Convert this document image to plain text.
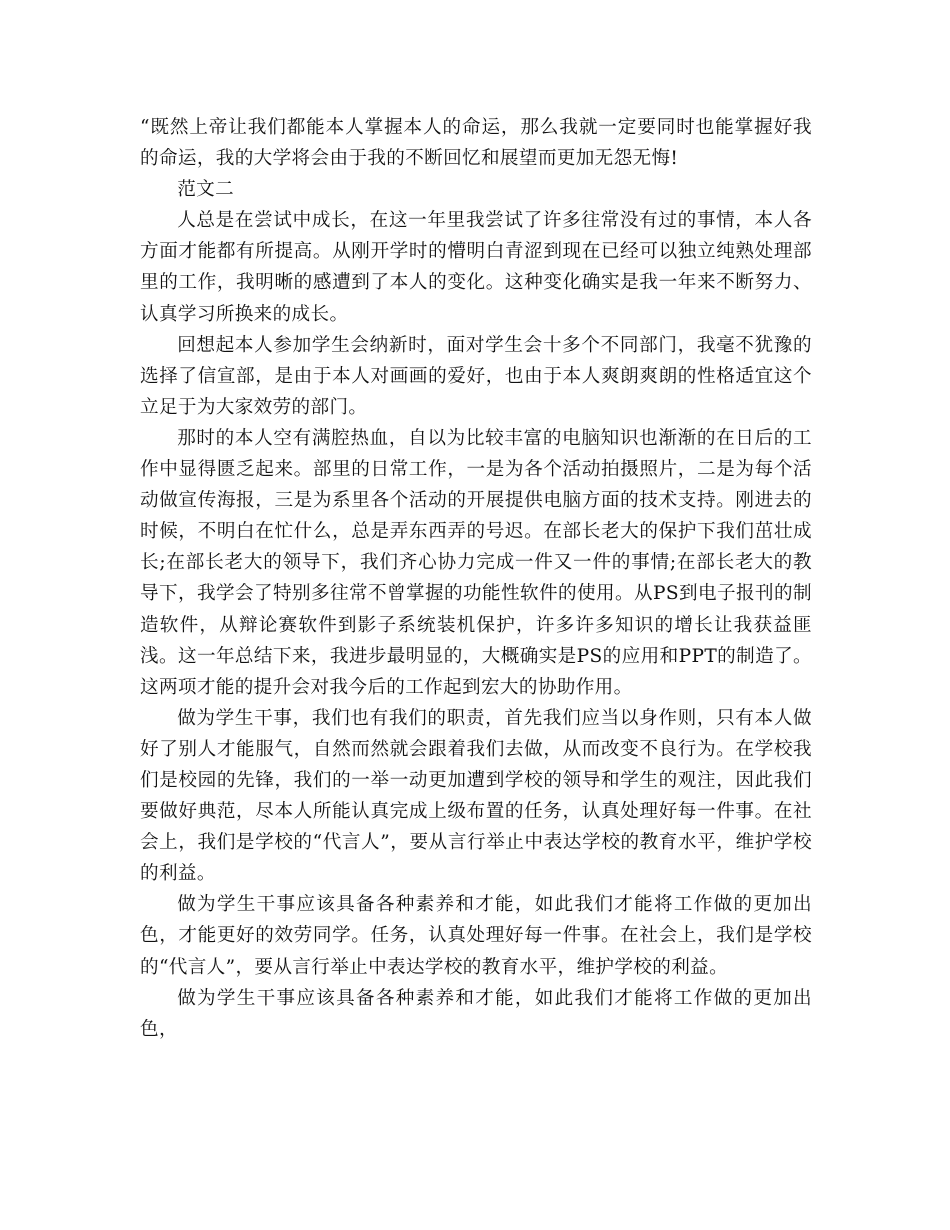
“既然上帝让我们都能本人掌握本人的命运，那么我就一定要同时也能掌握好我的命运，我的大学将会由于我的不断回忆和展望而更加无怨无悔!

范文二

人总是在尝试中成长，在这一年里我尝试了许多往常没有过的事情，本人各方面才能都有所提高。从刚开学时的懵明白青涩到现在已经可以独立纯熟处理部里的工作，我明晰的感遭到了本人的变化。这种变化确实是我一年来不断努力、认真学习所换来的成长。

回想起本人参加学生会纳新时，面对学生会十多个不同部门，我毫不犹豫的选择了信宣部，是由于本人对画画的爱好，也由于本人爽朗爽朗的性格适宜这个立足于为大家效劳的部门。

那时的本人空有满腔热血，自以为比较丰富的电脑知识也渐渐的在日后的工作中显得匮乏起来。部里的日常工作，一是为各个活动拍摄照片，二是为每个活动做宣传海报，三是为系里各个活动的开展提供电脑方面的技术支持。刚进去的时候，不明白在忙什么，总是弄东西弄的号迟。在部长老大的保护下我们茁壮成长;在部长老大的领导下，我们齐心协力完成一件又一件的事情;在部长老大的教导下，我学会了特别多往常不曾掌握的功能性软件的使用。从PS到电子报刊的制造软件，从辩论赛软件到影子系统装机保护，许多许多知识的增长让我获益匪浅。这一年总结下来，我进步最明显的，大概确实是PS的应用和PPT的制造了。这两项才能的提升会对我今后的工作起到宏大的协助作用。

做为学生干事，我们也有我们的职责，首先我们应当以身作则，只有本人做好了别人才能服气，自然而然就会跟着我们去做，从而改变不良行为。在学校我们是校园的先锋，我们的一举一动更加遭到学校的领导和学生的观注，因此我们要做好典范，尽本人所能认真完成上级布置的任务，认真处理好每一件事。在社会上，我们是学校的“代言人”，要从言行举止中表达学校的教育水平，维护学校的利益。

做为学生干事应该具备各种素养和才能，如此我们才能将工作做的更加出色，才能更好的效劳同学。任务，认真处理好每一件事。在社会上，我们是学校的“代言人”，要从言行举止中表达学校的教育水平，维护学校的利益。

做为学生干事应该具备各种素养和才能，如此我们才能将工作做的更加出色，
